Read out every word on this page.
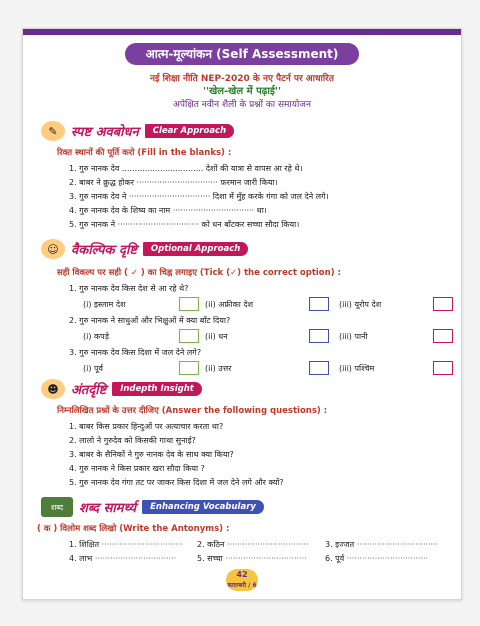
आत्म-मूल्यांकन (Self Assessment)
नई शिक्षा नीति NEP-2020 के नए पैटर्न पर आधारित
''खेल-खेल में पढ़ाई''
अपेक्षित नवीन शैली के प्रश्नों का समायोजन
✎	स्पष्ट अवबोधन	Clear Approach
रिक्त स्थानों की पूर्ति करो (Fill in the blanks) :
1. गुरु नानक देव ................................ देशों की यात्रा से वापस आ रहे थे।
2. बाबर ने क्रुद्ध होकर ································ फ़रमान जारी किया।
3. गुरु नानक देव ने ································ दिशा में मुँह करके गंगा को जल देने लगे।
4. गुरु नानक देव के शिष्य का नाम ································ था।
5. गुरु नानक ने ································ को धन बाँटकर सच्चा सौदा किया।
☺ वैकल्पिक दृष्टि	Optional Approach
सही विकल्प पर सही ( ✓ ) का चिह्न लगाइए (Tick (✓) the correct option) :
1. गुरु नानक देव किस देश से आ रहे थे?
(i) इस्लाम देश	(ii) अफ्रीका देश	(iii) यूरोप देश
2. गुरु नानक ने साधुओं और भिक्षुओं में क्या बाँट दिया?
(i) कपड़े	(ii) धन	(iii) पानी
3. गुरु नानक देव किस दिशा में जल देने लगे?
(i) पूर्व	(ii) उत्तर	(iii) पश्चिम
☻ अंतर्दृष्टि	Indepth Insight
निम्नलिखित प्रश्नों के उत्तर दीजिए (Answer the following questions) :
1. बाबर किस प्रकार हिन्दुओं पर अत्याचार करता था?
2. लालो ने गुरुदेव को किसकी गाथा सुनाई?
3. बाबर के सैनिकों ने गुरु नानक देव के साथ क्या किया?
4. गुरु नानक ने किस प्रकार खरा सौदा किया ?
5. गुरु नानक देव गंगा तट पर जाकर किस दिशा में जल देने लगे और क्यों?
शब्द	शब्द सामर्थ्य	Enhancing Vocabulary
( क ) विलोम शब्द लिखो (Write the Antonyms) :
1. शिक्षित ································ 2. कठिन ································ 3. इज्जत ································
4. लाभ ································	5. सच्चा ································ 6. पूर्व ································
42
कादम्बरी / 6
